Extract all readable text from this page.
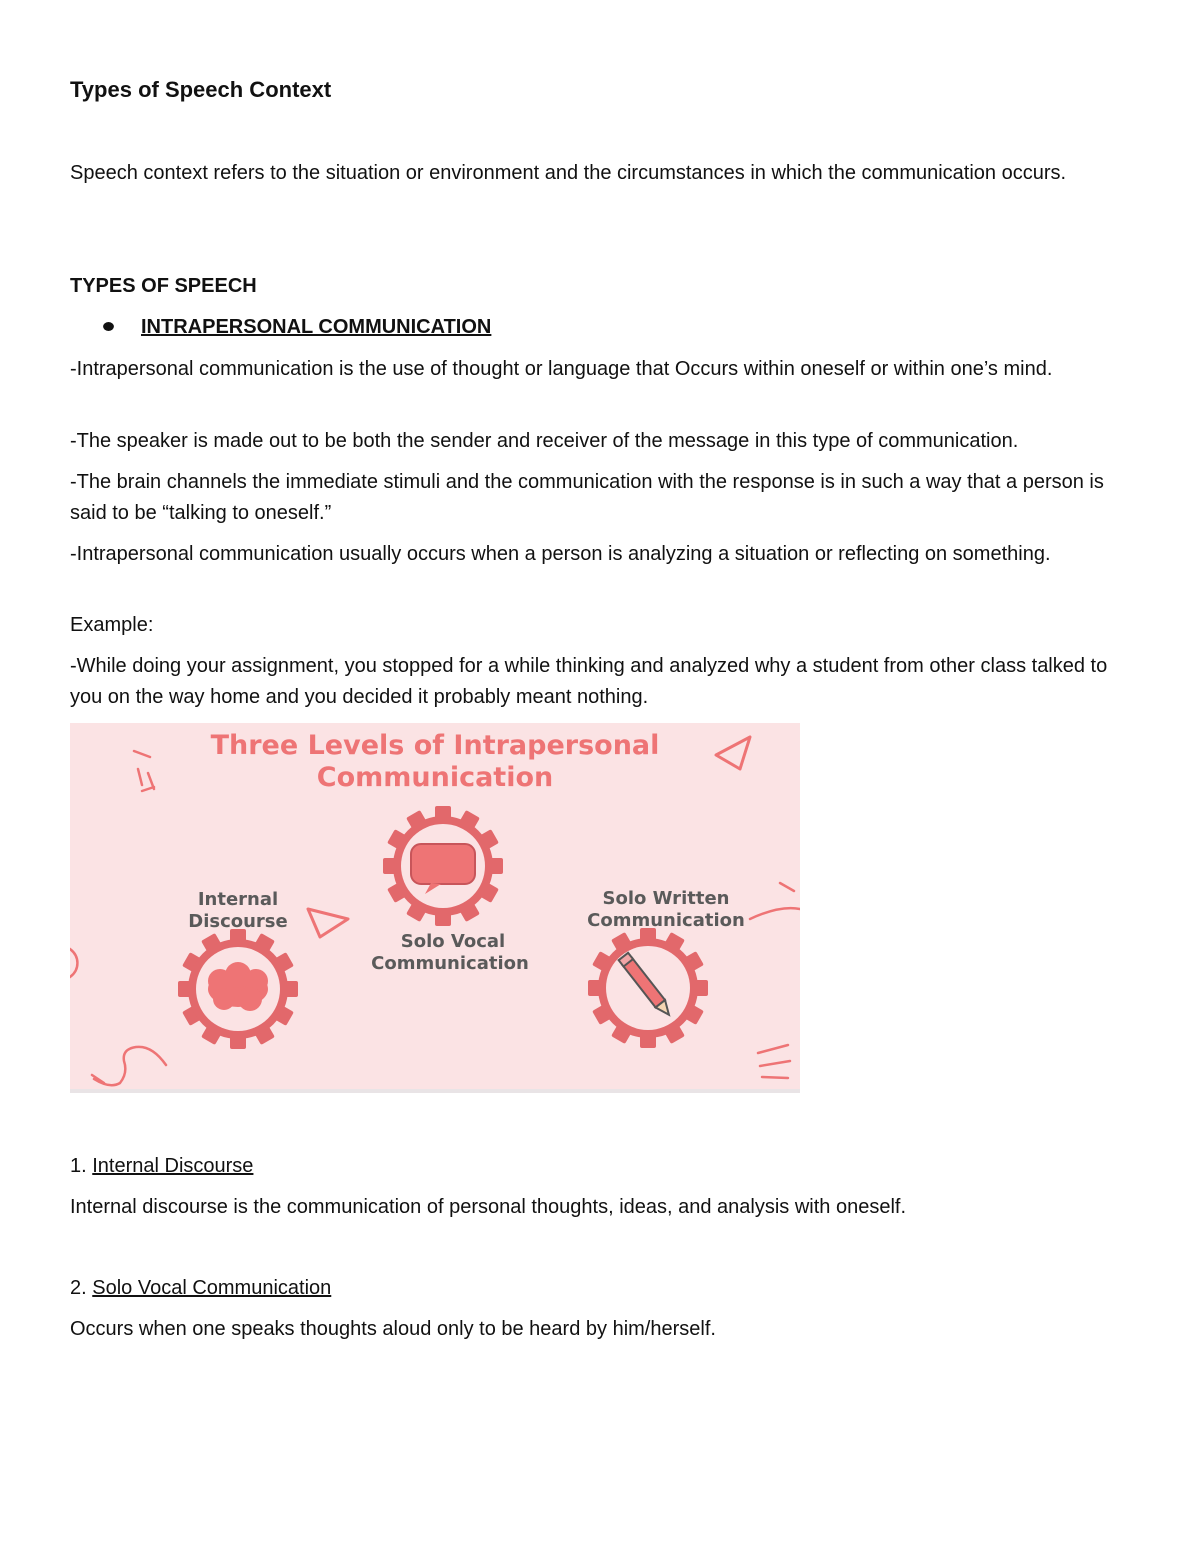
Types of Speech Context

Speech context refers to the situation or environment and the circumstances in which the communication occurs.

TYPES OF SPEECH

INTRAPERSONAL COMMUNICATION

-Intrapersonal communication is the use of thought or language that Occurs within oneself or within one’s mind.

-The speaker is made out to be both the sender and receiver of the message in this type of communication.

-The brain channels the immediate stimuli and the communication with the response is in such a way that a person is said to be “talking to oneself.”

-Intrapersonal communication usually occurs when a person is analyzing a situation or reflecting on something.

Example:

-While doing your assignment, you stopped for a while thinking and analyzed why a student from other class talked to you on the way home and you decided it probably meant nothing.

Three Levels of Intrapersonal
Communication
Internal
Discourse
Solo Vocal
Communication
Solo Written
Communication

1. Internal Discourse

Internal discourse is the communication of personal thoughts, ideas, and analysis with oneself.

2. Solo Vocal Communication

Occurs when one speaks thoughts aloud only to be heard by him/herself.
